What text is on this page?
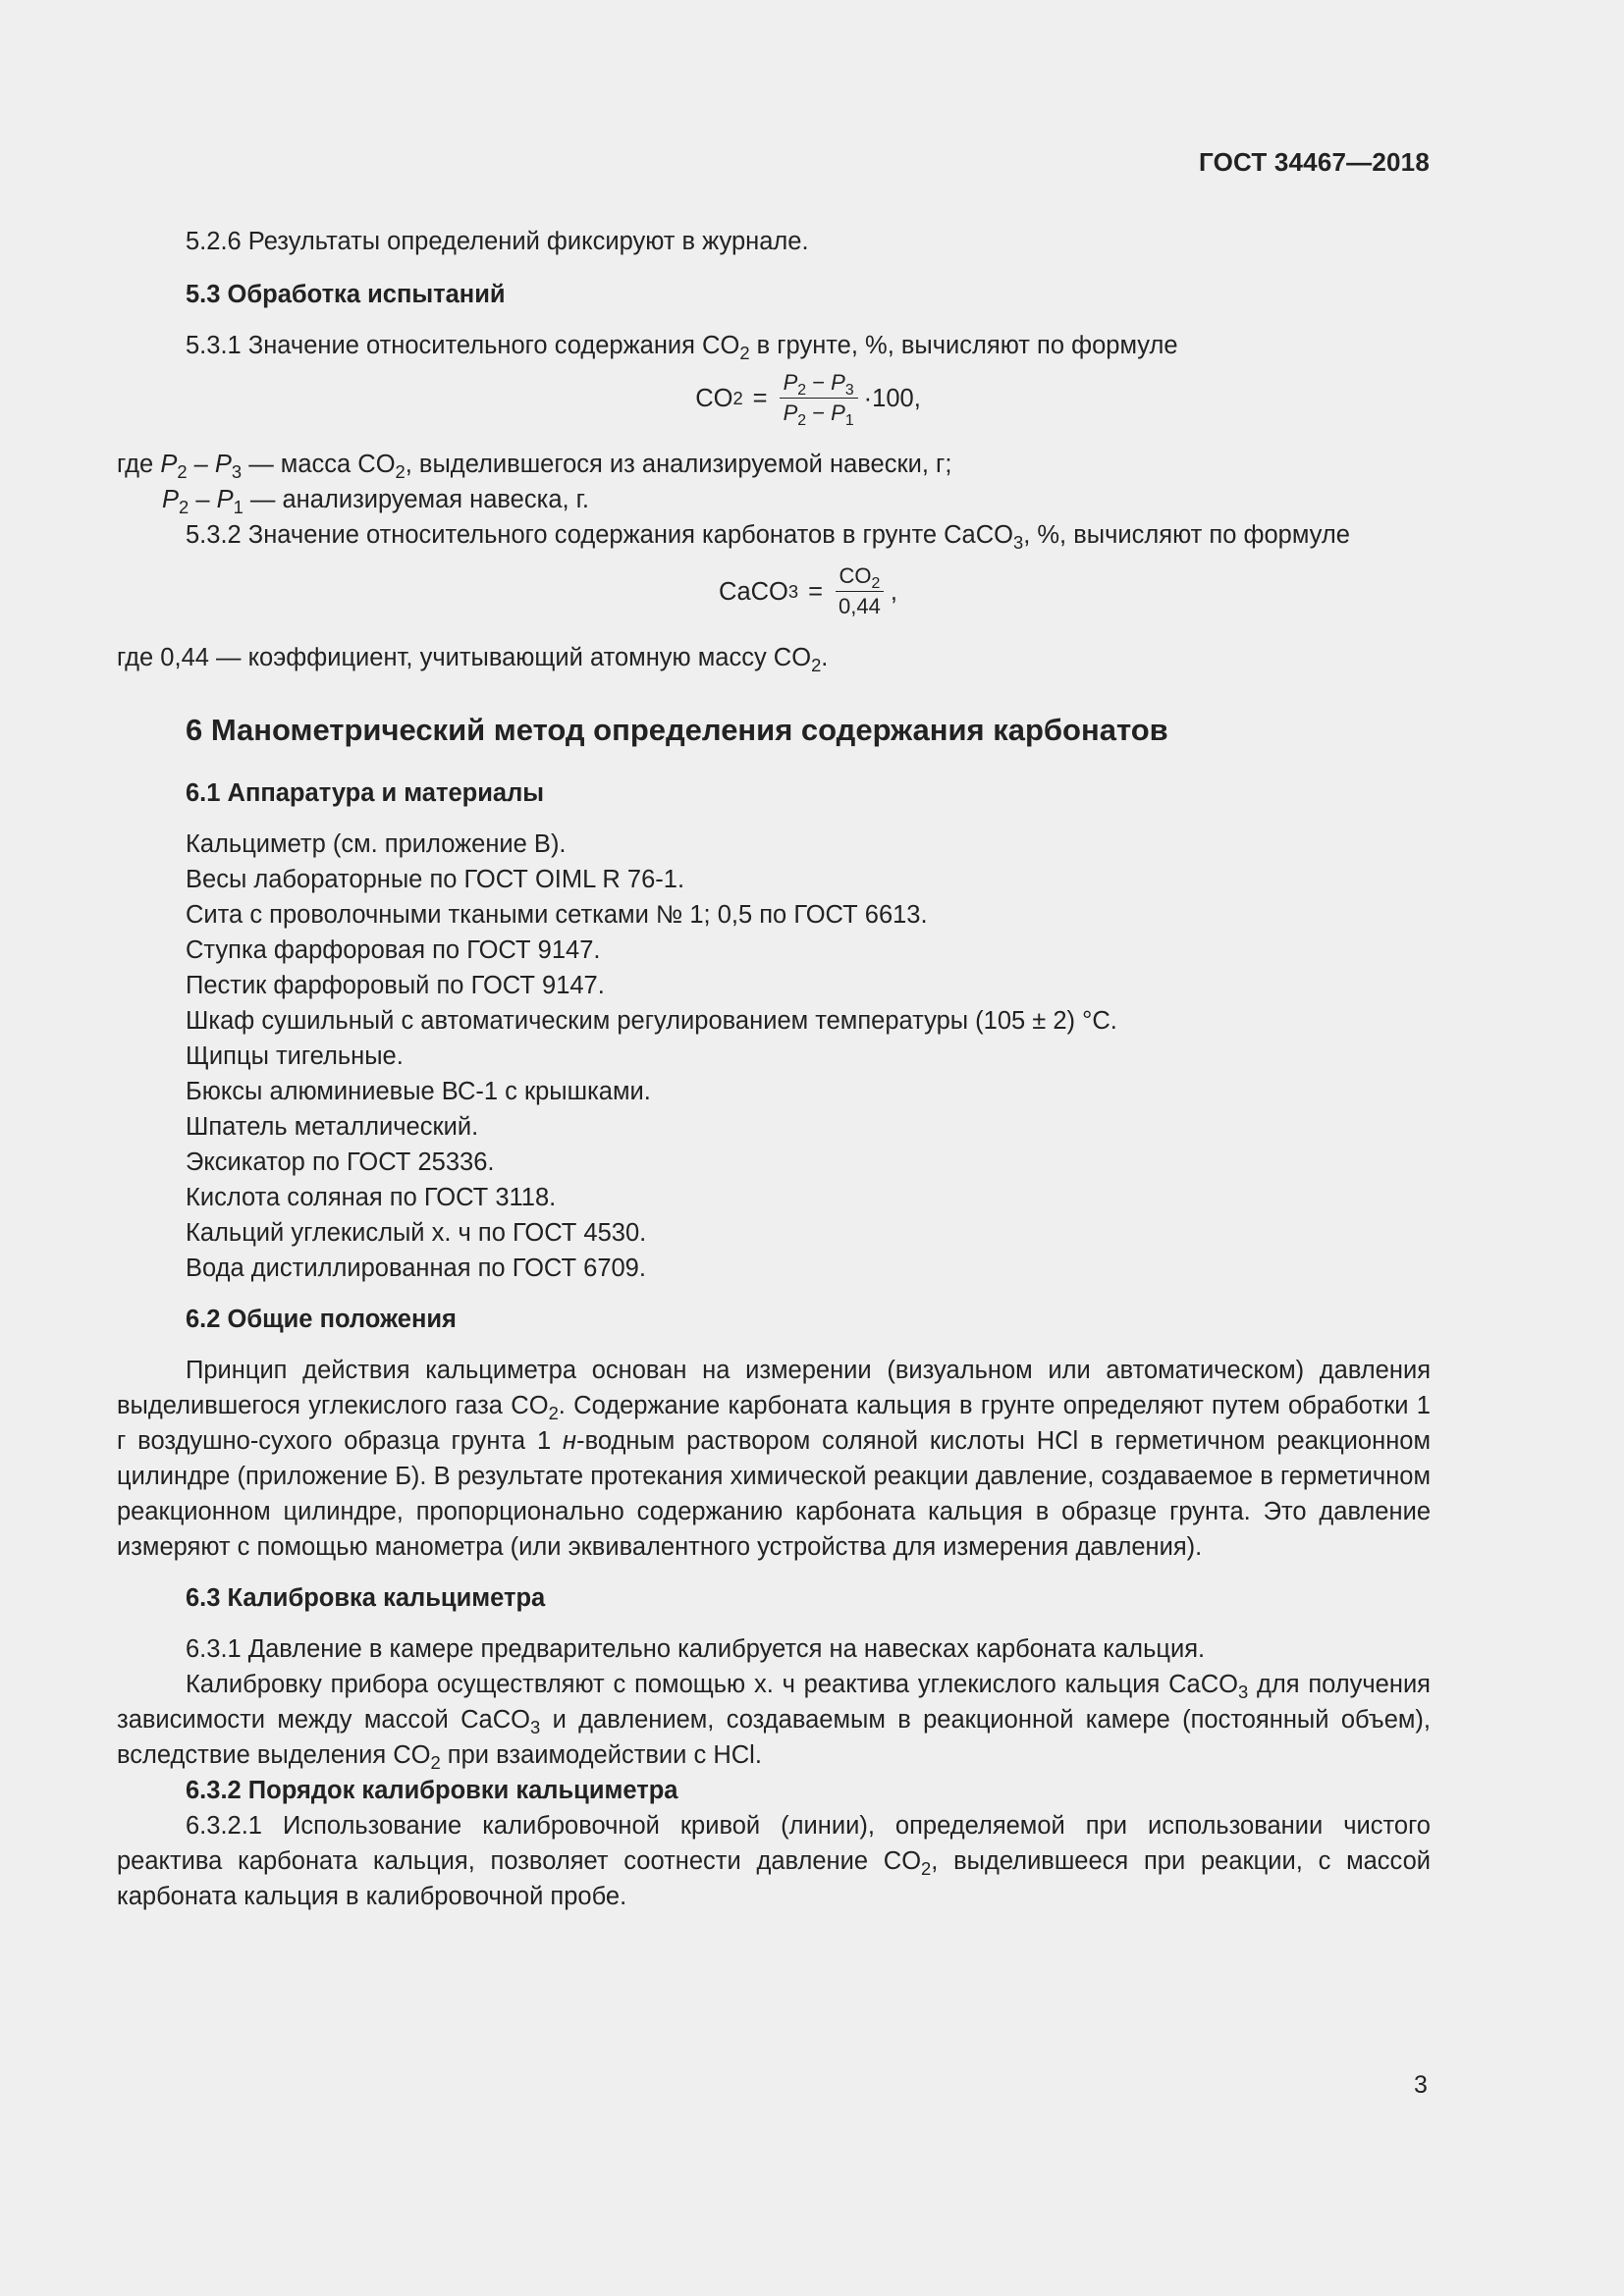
ГОСТ 34467—2018

5.2.6 Результаты определений фиксируют в журнале.

5.3 Обработка испытаний

5.3.1 Значение относительного содержания $CO_2$ в грунте, %, вычисляют по формуле

CO $2 = \frac{P_2 - P_3}{P_2 - P_1} \cdot 100$,

где $P_2 - P_3$ — масса $CO_2$, выделившегося из анализируемой навески, г;

$P_2 - P_1$ — анализируемая навеска, г.

5.3.2 Значение относительного содержания карбонатов в грунте CaCO$_3$, %, вычисляют по формуле

CaCO $3 = \frac{CO_2}{0,44}$ ,

где 0,44 — коэффициент, учитывающий атомную массу $CO_2$.

6 Манометрический метод определения содержания карбонатов

6.1 Аппаратура и материалы

Кальциметр (см. приложение В).

Весы лабораторные по ГОСТ OIML R 76-1.

Сита с проволочными ткаными сетками № 1; 0,5 по ГОСТ 6613.

Ступка фарфоровая по ГОСТ 9147.

Пестик фарфоровый по ГОСТ 9147.

Шкаф сушильный с автоматическим регулированием температуры (105 ± 2) °С.

Щипцы тигельные.

Бюксы алюминиевые ВС-1 с крышками.

Шпатель металлический.

Эксикатор по ГОСТ 25336.

Кислота соляная по ГОСТ 3118.

Кальций углекислый х. ч по ГОСТ 4530.

Вода дистиллированная по ГОСТ 6709.

6.2 Общие положения

Принцип действия кальциметра основан на измерении (визуальном или автоматическом) давления выделившегося углекислого газа $CO_2$. Содержание карбоната кальция в грунте определяют путем обработки 1 г воздушно-сухого образца грунта 1 н-водным раствором соляной кислоты HCl в герметичном реакционном цилиндре (приложение Б). В результате протекания химической реакции давление, создаваемое в герметичном реакционном цилиндре, пропорционально содержанию карбоната кальция в образце грунта. Это давление измеряют с помощью манометра (или эквивалентного устройства для измерения давления).

6.3 Калибровка кальциметра

6.3.1 Давление в камере предварительно калибруется на навесках карбоната кальция.

Калибровку прибора осуществляют с помощью х. ч реактива углекислого кальция CaCO$_3$ для получения зависимости между массой CaCO$_3$ и давлением, создаваемым в реакционной камере (постоянный объем), вследствие выделения $CO_2$ при взаимодействии с HCl.

6.3.2 Порядок калибровки кальциметра

6.3.2.1 Использование калибровочной кривой (линии), определяемой при использовании чистого реактива карбоната кальция, позволяет соотнести давление $CO_2$, выделившееся при реакции, с массой карбоната кальция в калибровочной пробе.

3
